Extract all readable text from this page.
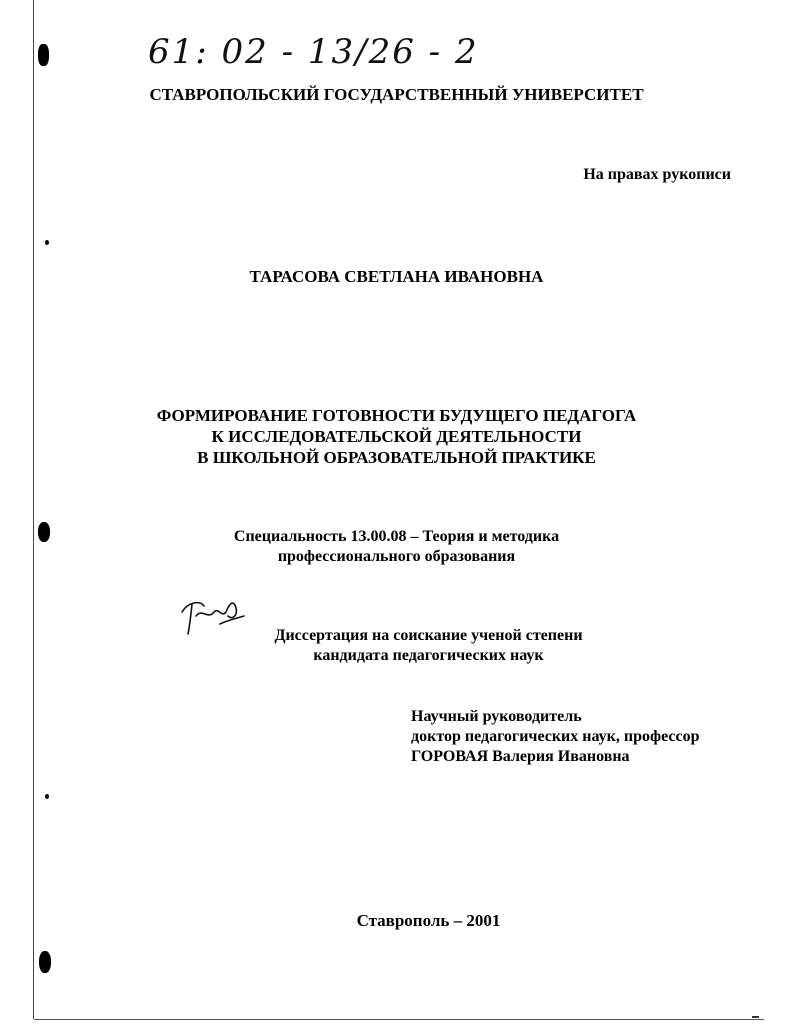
61: 02 - 13/26 - 2
СТАВРОПОЛЬСКИЙ ГОСУДАРСТВЕННЫЙ УНИВЕРСИТЕТ
На правах рукописи
ТАРАСОВА СВЕТЛАНА ИВАНОВНА
ФОРМИРОВАНИЕ ГОТОВНОСТИ БУДУЩЕГО ПЕДАГОГА
К ИССЛЕДОВАТЕЛЬСКОЙ ДЕЯТЕЛЬНОСТИ
В ШКОЛЬНОЙ ОБРАЗОВАТЕЛЬНОЙ ПРАКТИКЕ
Специальность 13.00.08 – Теория и методика
профессионального образования
Диссертация на соискание ученой степени
кандидата педагогических наук
Научный руководитель
доктор педагогических наук, профессор
ГОРОВАЯ Валерия Ивановна
Ставрополь – 2001
